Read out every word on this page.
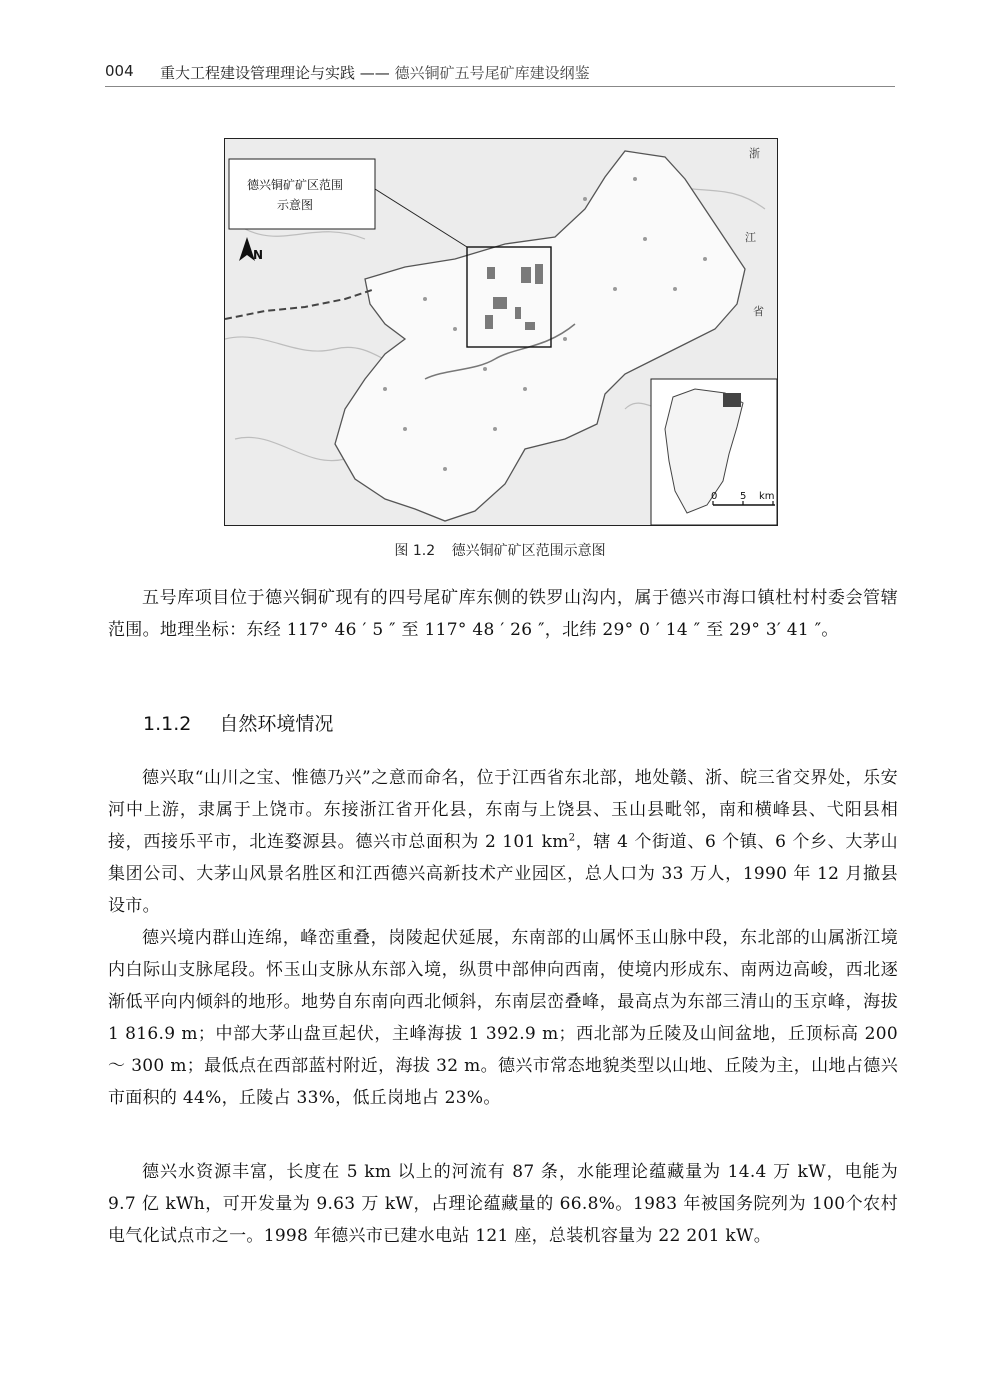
004 重大工程建设管理理论与实践 —— 德兴铜矿五号尾矿库建设纲鉴
德兴铜矿矿区范围
示意图
N
浙
江
省
0 5 km
图 1.2 德兴铜矿矿区范围示意图

五号库项目位于德兴铜矿现有的四号尾矿库东侧的铁罗山沟内，属于德兴市海口镇杜村村委会管辖范围。地理坐标：东经 117° 46 ′ 5 ″ 至 117° 48 ′ 26 ″，北纬 29° 0 ′ 14 ″ 至 29° 3′ 41 ″。

1.1.2 自然环境情况

德兴取“山川之宝、惟德乃兴”之意而命名，位于江西省东北部，地处赣、浙、皖三省交界处，乐安河中上游，隶属于上饶市。东接浙江省开化县，东南与上饶县、玉山县毗邻，南和横峰县、弋阳县相接，西接乐平市，北连婺源县。德兴市总面积为 2 101 $km^2$，辖 4 个街道、6 个镇、6 个乡、大茅山集团公司、大茅山风景名胜区和江西德兴高新技术产业园区，总人口为 33 万人，1990 年 12 月撤县设市。

德兴境内群山连绵，峰峦重叠，岗陵起伏延展，东南部的山属怀玉山脉中段，东北部的山属浙江境内白际山支脉尾段。怀玉山支脉从东部入境，纵贯中部伸向西南，使境内形成东、南两边高峻，西北逐渐低平向内倾斜的地形。地势自东南向西北倾斜，东南层峦叠峰，最高点为东部三清山的玉京峰，海拔 1 816.9 m；中部大茅山盘亘起伏，主峰海拔 1 392.9 m；西北部为丘陵及山间盆地，丘顶标高 200 ～ 300 m；最低点在西部蓝村附近，海拔 32 m。德兴市常态地貌类型以山地、丘陵为主，山地占德兴市面积的 44%，丘陵占 33%，低丘岗地占 23%。

德兴水资源丰富，长度在 5 km 以上的河流有 87 条，水能理论蕴藏量为 14.4 万 kW，电能为 9.7 亿 kWh，可开发量为 9.63 万 kW，占理论蕴藏量的 66.8%。1983 年被国务院列为 100个农村电气化试点市之一。1998 年德兴市已建水电站 121 座，总装机容量为 22 201 kW。
